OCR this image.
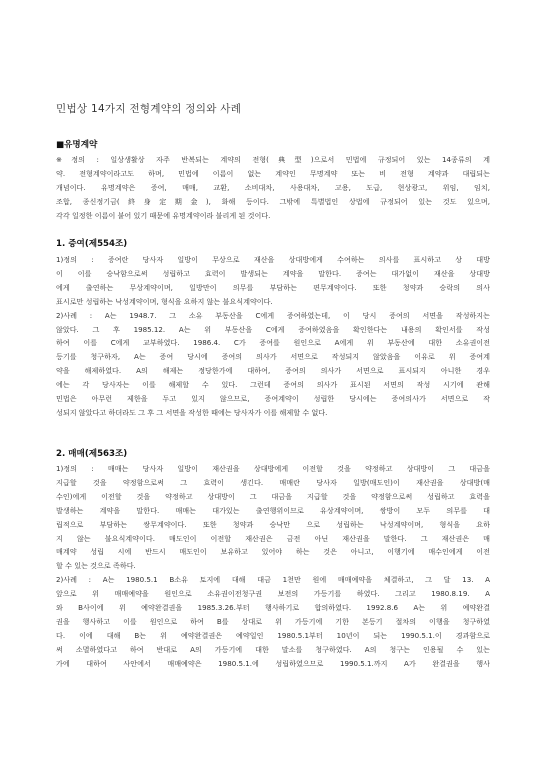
민법상 14가지 전형계약의 정의와 사례
■유명계약

※정의 : 일상생활상 자주 반복되는 계약의 전형(典型)으로서 민법에 규정되어 있는 14종류의 계

약. 전형계약이라고도 하며, 민법에 이름이 없는 계약인 무명계약 또는 비 전형 계약과 대립되는

개념이다. 유명계약은 증여, 매매, 교환, 소비대차, 사용대차, 고용, 도급, 현상광고, 위임, 임치,

조합, 종신정기금(終身定期金), 화해 등이다. 그밖에 특별법인 상법에 규정되어 있는 것도 있으며,

각각 일정한 이름이 붙어 있기 때문에 유명계약이라 불리게 된 것이다.

1. 증여(제554조)

1)정의 : 증여란 당사자 일방이 무상으로 재산을 상대방에게 수여하는 의사를 표시하고 상 대방

이 이를 승낙함으로써 성립하고 효력이 발생되는 계약을 말한다. 증여는 대가없이 재산을 상대방

에게 출연하는 무상계약이며, 일방만이 의무를 부담하는 편무계약이다. 또한 청약과 승락의 의사

표시로만 성립하는 낙성계약이며, 형식을 요하지 않는 불요식계약이다.

2)사례 : A는 1948.7. 그 소유 부동산을 C에게 증여하였는데, 이 당시 증여의 서면을 작성하지는

않았다. 그 후 1985.12. A는 위 부동산을 C에게 증여하였음을 확인한다는 내용의 확인서를 작성

하여 이를 C에게 교부하였다. 1986.4. C가 증여를 원인으로 A에게 위 부동산에 대한 소유권이전

등기를 청구하자, A는 증여 당시에 증여의 의사가 서면으로 작성되지 않았음을 이유로 위 증여계

약을 해제하였다. A의 해제는 정당한가에 대하여, 증여의 의사가 서면으로 표시되지 아니한 경우

에는 각 당사자는 이를 해제할 수 있다. 그런데 증여의 의사가 표시된 서면의 작성 시기에 관해

민법은 아무런 제한을 두고 있지 않으므로, 증여계약이 성립한 당시에는 증여의사가 서면으로 작

성되지 않았다고 하더라도 그 후 그 서면을 작성한 때에는 당사자가 이를 해제할 수 없다.

2. 매매(제563조)

1)정의 : 매매는 당사자 일방이 재산권을 상대방에게 이전할 것을 약정하고 상대방이 그 대금을

지급할 것을 약정함으로써 그 효력이 생긴다. 매매란 당사자 일방(매도인)이 재산권을 상대방(매

수인)에게 이전할 것을 약정하고 상대방이 그 대금을 지급할 것을 약정함으로써 성립하고 효력을

발생하는 계약을 말한다. 매매는 대가있는 출연행위이므로 유상계약이며, 쌍방이 모두 의무를 대

립적으로 부담하는 쌍무계약이다. 또한 청약과 승낙만 으로 성립하는 낙성계약이며, 형식을 요하

지 않는 불요식계약이다. 매도인이 이전할 재산권은 금전 아닌 재산권을 말한다. 그 재산권은 매

매계약 성립 시에 반드시 매도인이 보유하고 있어야 하는 것은 아니고, 이행기에 매수인에게 이전

할 수 있는 것으로 족하다.

2)사례 : A는 1980.5.1 B소유 토지에 대해 대금 1천만 원에 매매예약을 체결하고, 그 달 13. A

앞으로 위 매매예약을 원인으로 소유권이전청구권 보전의 가등기를 하였다. 그리고 1980.8.19. A

와 B사이에 위 예약완결권을 1985.3.26.부터 행사하기로 합의하였다. 1992.8.6 A는 위 예약완결

권을 행사하고 이를 원인으로 하여 B를 상대로 위 가등기에 기한 본등기 절차의 이행을 청구하였

다. 이에 대해 B는 위 예약완결권은 예약일인 1980.5.1부터 10년이 되는 1990.5.1.이 경과함으로

써 소멸하였다고 하여 반대로 A의 가등기에 대한 말소를 청구하였다. A의 청구는 인용될 수 있는

가에 대하여 사안에서 매매예약은 1980.5.1.에 성립하였으므로 1990.5.1.까지 A가 완결권을 행사
